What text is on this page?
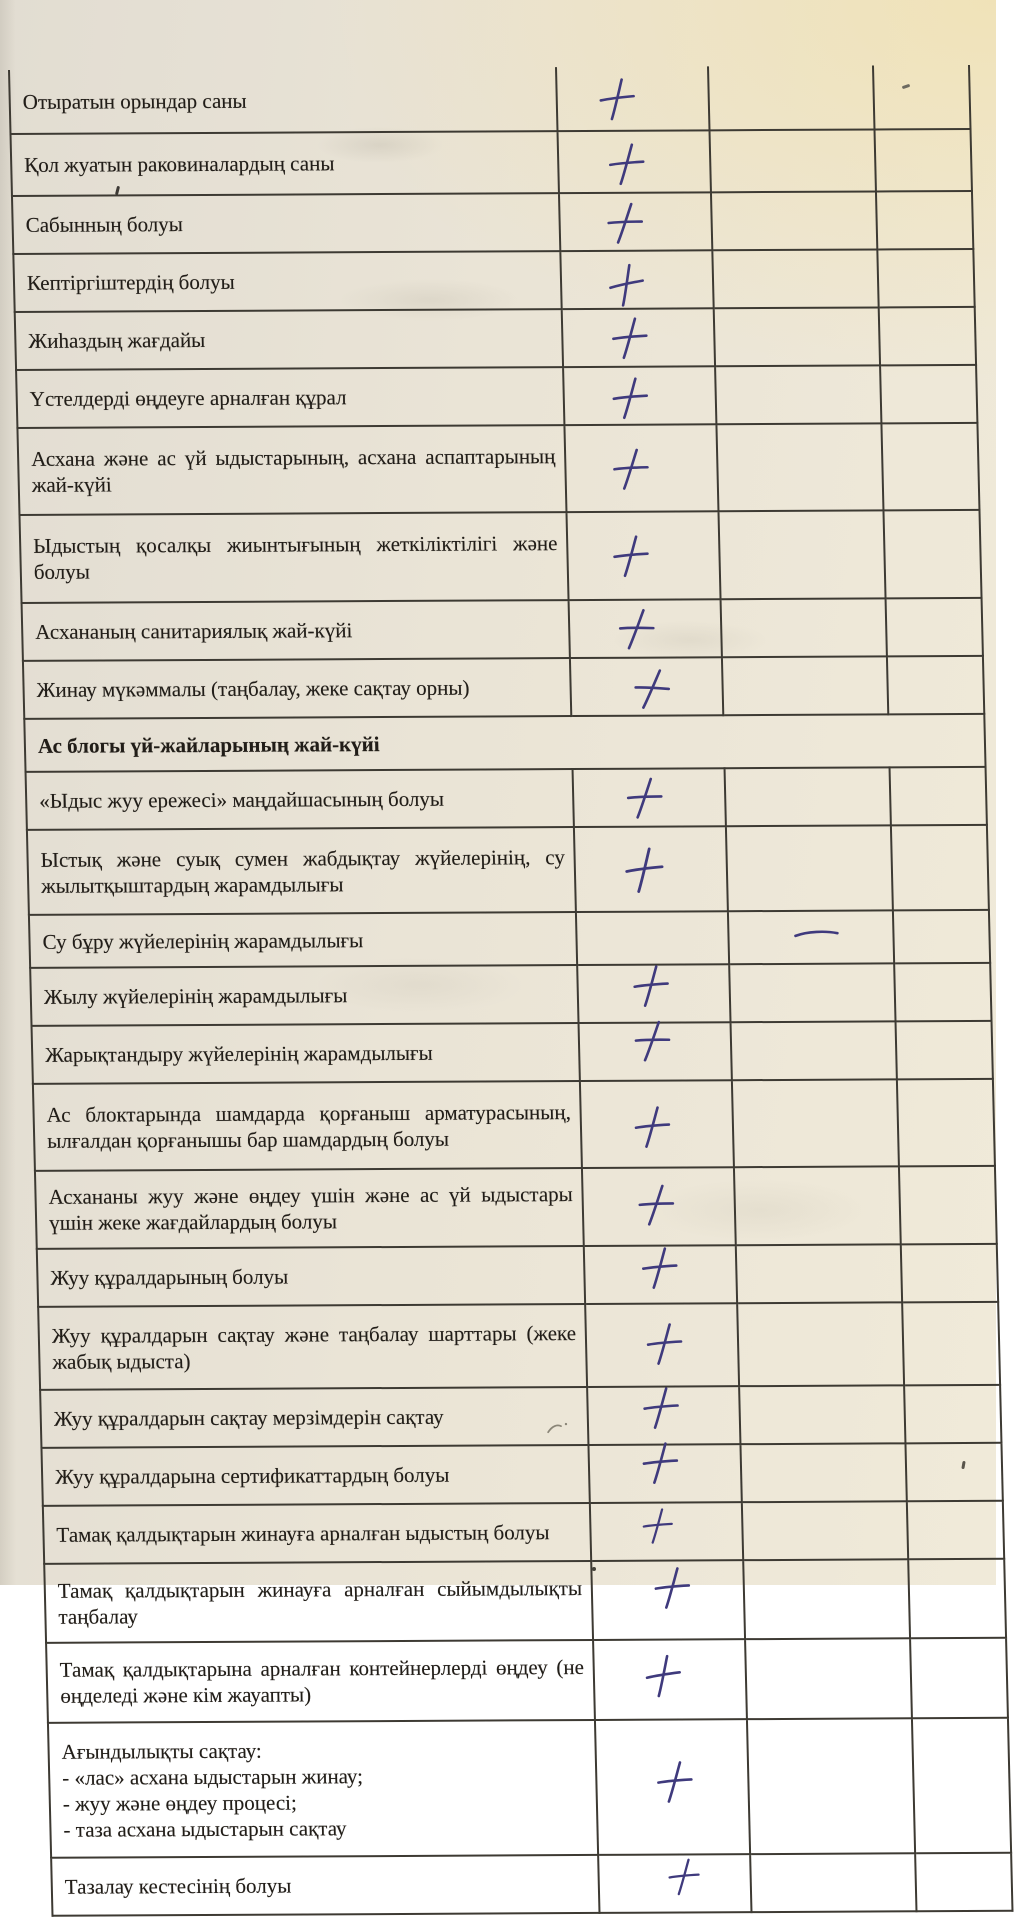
Отыратын орындар саны			
Қол жуатын раковиналардың саны			
Сабынның болуы			
Кептіргіштердің болуы			
Жиһаздың жағдайы			
Үстелдерді өңдеуге арналған құрал			
Асхана және ас үй ыдыстарының, асхана аспаптарының жай-күйі			
Ыдыстың қосалқы жиынтығының жеткіліктілігі және болуы			
Асхананың санитариялық жай-күйі			
Жинау мүкәммалы (таңбалау, жеке сақтау орны)			
Ас блогы үй-жайларының жай-күйі			
«Ыдыс жуу ережесі» маңдайшасының болуы			
Ыстық және суық сумен жабдықтау жүйелерінің, су жылытқыштардың жарамдылығы			
Су бұру жүйелерінің жарамдылығы			
Жылу жүйелерінің жарамдылығы			
Жарықтандыру жүйелерінің жарамдылығы			
Ас блоктарында шамдарда қорғаныш арматурасының, ылғалдан қорғанышы бар шамдардың болуы			
Асхананы жуу және өңдеу үшін және ас үй ыдыстары үшін жеке жағдайлардың болуы			
Жуу құралдарының болуы			
Жуу құралдарын сақтау және таңбалау шарттары (жеке жабық ыдыста)			
Жуу құралдарын сақтау мерзімдерін сақтау			
Жуу құралдарына сертификаттардың болуы			
Тамақ қалдықтарын жинауға арналған ыдыстың болуы			
Тамақ қалдықтарын жинауға арналған сыйымдылықты таңбалау			
Тамақ қалдықтарына арналған контейнерлерді өңдеу (не өңделеді және кім жауапты)			
Ағындылықты сақтау:
- «лас» асхана ыдыстарын жинау;
- жуу және өңдеу процесі;
- таза асхана ыдыстарын сақтау			
Тазалау кестесінің болуы			
